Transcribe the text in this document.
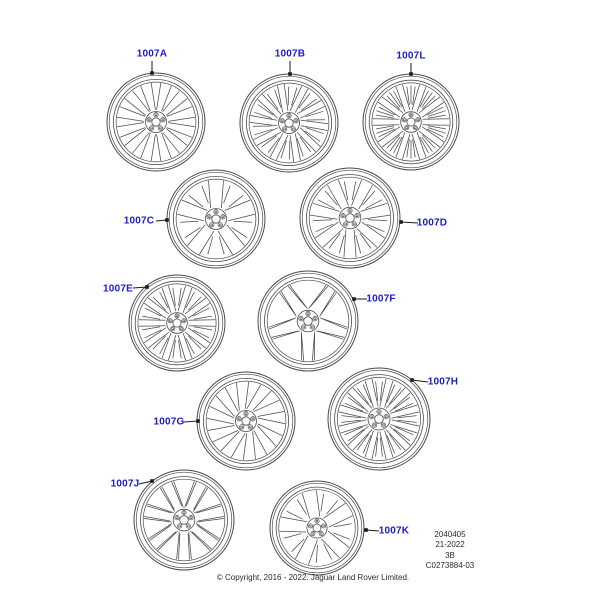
1007A	1007B	1007L
1007C	1007D
1007E
1007F
1007G
1007H
1007J
1007K	2040405
21-2022
3B
C0273884-03
© Copyright, 2016 - 2022. Jaguar Land Rover Limited.
